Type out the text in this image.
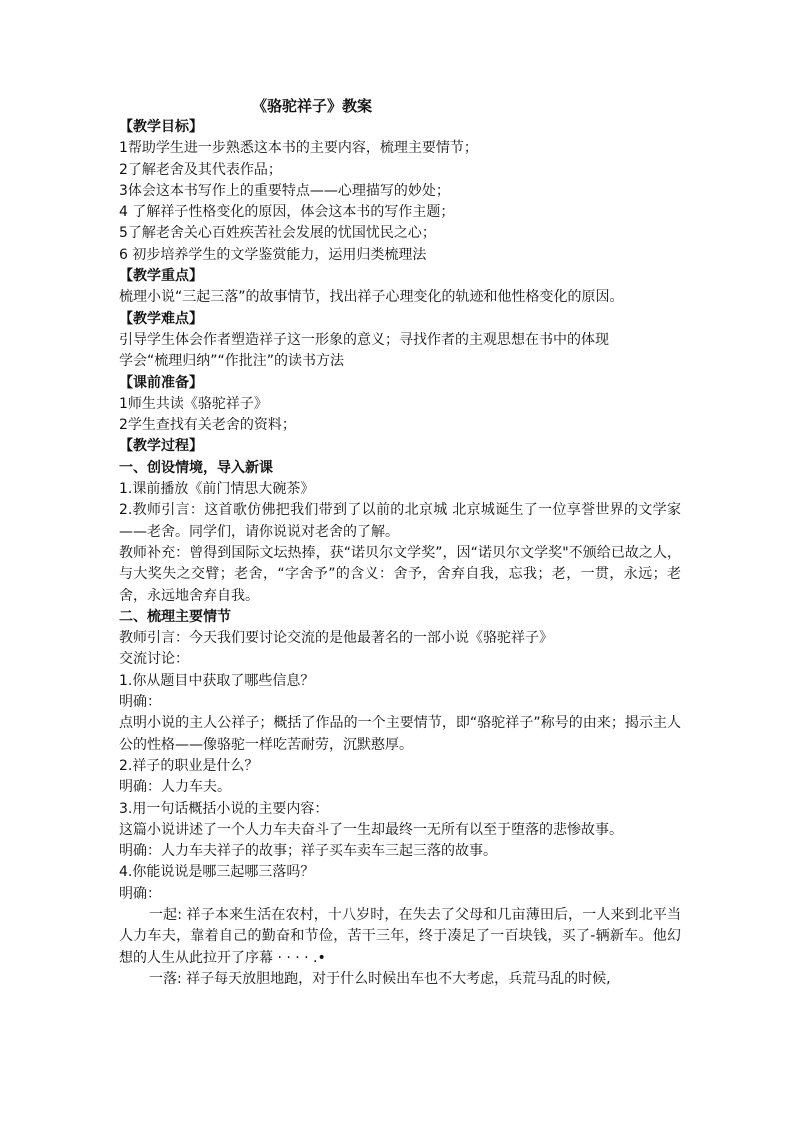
《骆驼祥子》教案
【教学目标】
1帮助学生进一步熟悉这本书的主要内容，梳理主要情节；
2了解老舍及其代表作品；
3体会这本书写作上的重要特点——心理描写的妙处；
4 了解祥子性格变化的原因，体会这本书的写作主题；
5了解老舍关心百姓疾苦社会发展的忧国忧民之心；
6 初步培养学生的文学鉴赏能力，运用归类梳理法
【教学重点】
梳理小说“三起三落”的故事情节，找出祥子心理变化的轨迹和他性格变化的原因。
【教学难点】
引导学生体会作者塑造祥子这一形象的意义；寻找作者的主观思想在书中的体现
学会“梳理归纳”“作批注”的读书方法
【课前准备】
1师生共读《骆驼祥子》
2学生查找有关老舍的资料；
【教学过程】
一、创设情境，导入新课
1.课前播放《前门情思大碗茶》
2.教师引言：这首歌仿佛把我们带到了以前的北京城 北京城诞生了一位享誉世界的文学家——老舍。同学们，请你说说对老舍的了解。
教师补充：曾得到国际文坛热捧，获“诺贝尔文学奖”，因“诺贝尔文学奖"不颁给已故之人，与大奖失之交臂；老舍，“字舍予”的含义：舍予，舍弃自我，忘我；老，一贯，永远；老舍，永远地舍弃自我。
二、梳理主要情节
教师引言：今天我们要讨论交流的是他最著名的一部小说《骆驼祥子》
交流讨论：
1.你从题目中获取了哪些信息？
明确：
点明小说的主人公祥子；概括了作品的一个主要情节，即“骆驼祥子”称号的由来；揭示主人公的性格——像骆驼一样吃苦耐劳，沉默憨厚。
2.祥子的职业是什么？
明确：人力车夫。
3.用一句话概括小说的主要内容：
这篇小说讲述了一个人力车夫奋斗了一生却最终一无所有以至于堕落的悲惨故事。
明确：人力车夫祥子的故事；祥子买车卖车三起三落的故事。
4.你能说说是哪三起哪三落吗？
明确：
一起: 祥子本来生活在农村，十八岁时，在失去了父母和几亩薄田后，一人来到北平当人力车夫，靠着自己的勤奋和节俭，苦干三年，终于凑足了一百块钱，买了-辆新车。他幻想的人生从此拉开了序幕 · · · · .•
一落: 祥子每天放胆地跑，对于什么时候出车也不大考虑，兵荒马乱的时候,
